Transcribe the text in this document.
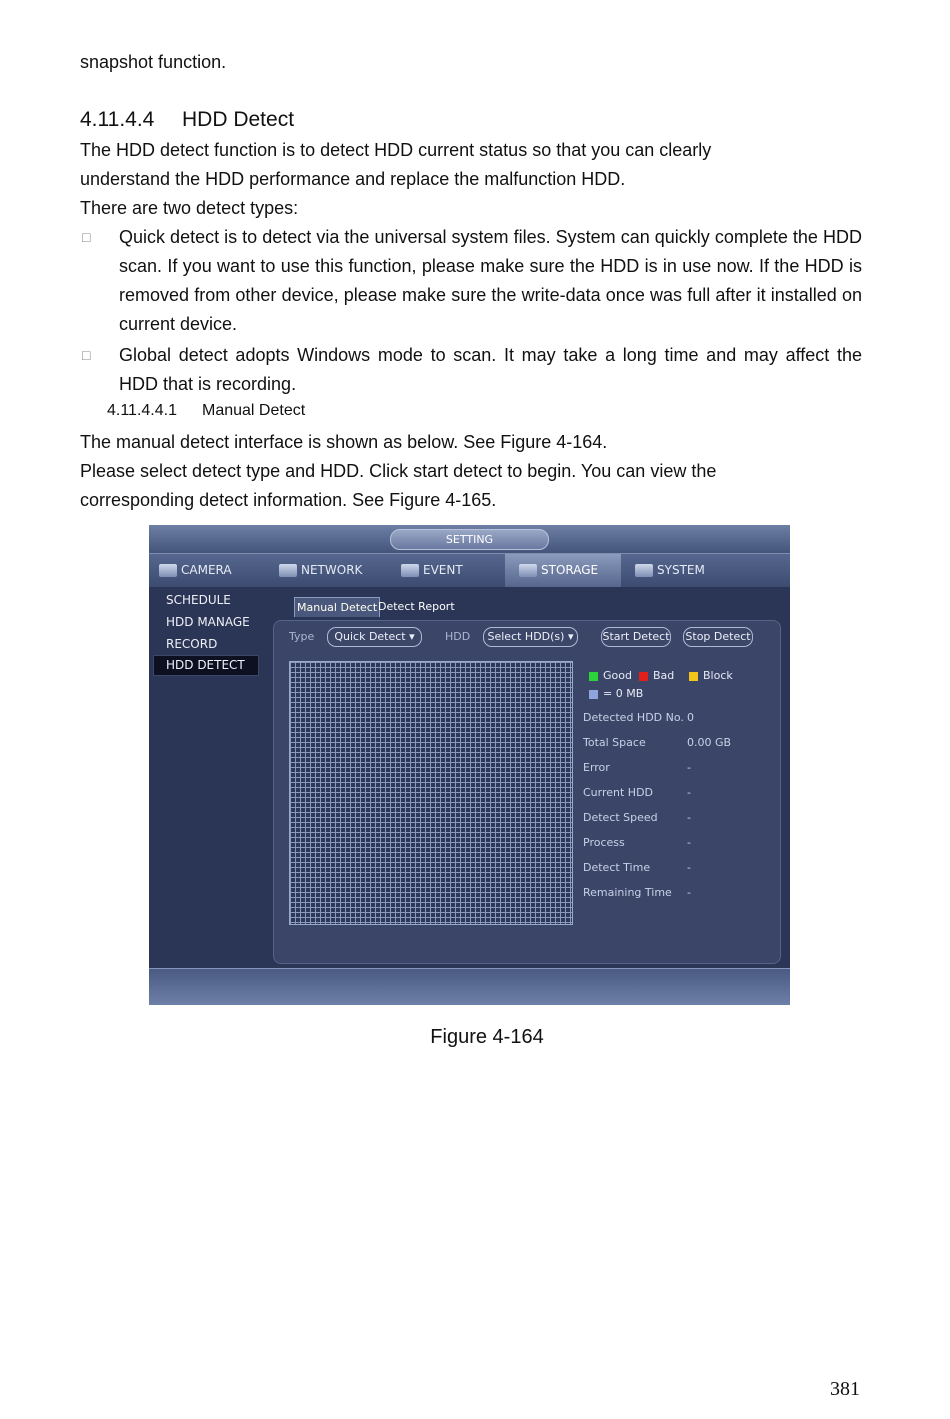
snapshot function.

4.11.4.4 HDD Detect

The HDD detect function is to detect HDD current status so that you can clearly

understand the HDD performance and replace the malfunction HDD.

There are two detect types:

□ Quick detect is to detect via the universal system files. System can quickly complete the HDD scan. If you want to use this function, please make sure the HDD is in use now. If the HDD is removed from other device, please make sure the write-data once was full after it installed on current device.
□ Global detect adopts Windows mode to scan. It may take a long time and may affect the HDD that is recording.
4.11.4.4.1 Manual Detect

The manual detect interface is shown as below. See Figure 4-164.

Please select detect type and HDD. Click start detect to begin. You can view the

corresponding detect information. See Figure 4-165.

SETTING
CAMERA	NETWORK	EVENT	STORAGE	SYSTEM
SCHEDULE
HDD MANAGE
RECORD
HDD DETECT
Manual Detect Detect Report
Type	Quick Detect ▾	HDD	Select HDD(s) ▾	Start Detect Stop Detect
Good	Bad	Block
= 0 MB
Detected HDD No. 0
Total Space	0.00 GB
Error	-
Current HDD	-
Detect Speed	-
Process	-
Detect Time	-
Remaining Time -
Figure 4-164
381
